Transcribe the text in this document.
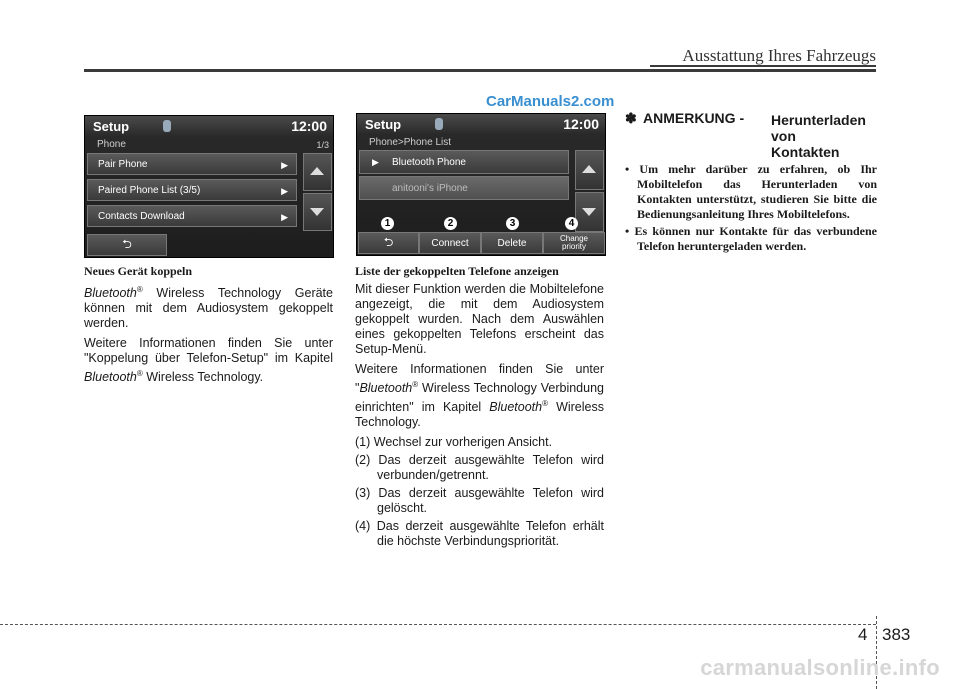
Ausstattung Ihres Fahrzeugs
CarManuals2.com
Setup	12:00
Phone	1/3
Pair Phone	▶
Paired Phone List (3/5)	▶
Contacts Download	▶
⮌
Setup	12:00
Phone>Phone List
▶ Bluetooth Phone
anitooni's iPhone
1	2	3	4
⮌	Connect	Delete	Change priority
Neues Gerät koppeln

Bluetooth® Wireless Technology Geräte können mit dem Audiosystem gekoppelt werden.

Weitere Informationen finden Sie unter "Koppelung über Telefon-Setup" im Kapitel Bluetooth® Wireless Technology.

Liste der gekoppelten Telefone anzeigen

Mit dieser Funktion werden die Mobiltelefone angezeigt, die mit dem Audiosystem gekoppelt wurden. Nach dem Auswählen eines gekoppelten Telefons erscheint das Setup-Menü.

Weitere Informationen finden Sie unter "Bluetooth® Wireless Technology Verbindung einrichten" im Kapitel Bluetooth® Wireless Technology.

(1) Wechsel zur vorherigen Ansicht.
(2) Das derzeit ausgewählte Telefon wird verbunden/getrennt.
(3) Das derzeit ausgewählte Telefon wird gelöscht.
(4) Das derzeit ausgewählte Telefon erhält die höchste Verbindungspriorität.
✽ ANMERKUNG - Herunterladen
von
Kontakten
• Um mehr darüber zu erfahren, ob Ihr Mobiltelefon das Herunterladen von Kontakten unterstützt, studieren Sie bitte die Bedienungsanleitung Ihres Mobiltelefons.
• Es können nur Kontakte für das verbundene Telefon heruntergeladen werden.
4 383
carmanualsonline.info
